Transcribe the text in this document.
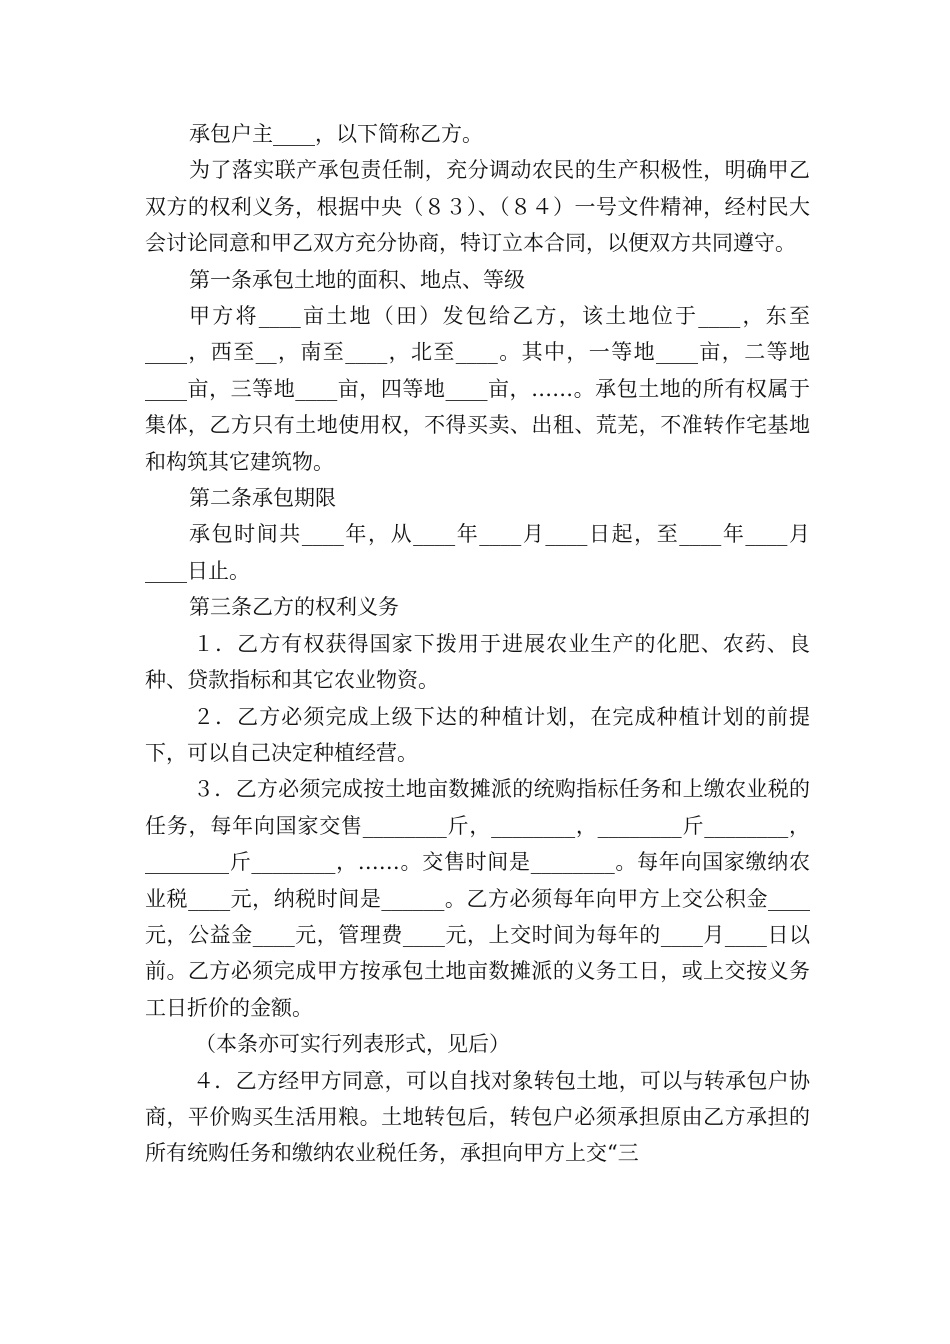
承包户主____，以下简称乙方。

为了落实联产承包责任制，充分调动农民的生产积极性，明确甲乙双方的权利义务，根据中央（８３）、（８４）一号文件精神，经村民大会讨论同意和甲乙双方充分协商，特订立本合同，以便双方共同遵守。

第一条承包土地的面积、地点、等级

甲方将____亩土地（田）发包给乙方，该土地位于____，东至____，西至__，南至____，北至____。其中，一等地____亩，二等地____亩，三等地____亩，四等地____亩，……。承包土地的所有权属于集体，乙方只有土地使用权，不得买卖、出租、荒芜，不准转作宅基地和构筑其它建筑物。

第二条承包期限

承包时间共____年，从____年____月____日起，至____年____月____日止。

第三条乙方的权利义务

１．乙方有权获得国家下拨用于进展农业生产的化肥、农药、良种、贷款指标和其它农业物资。

２．乙方必须完成上级下达的种植计划，在完成种植计划的前提下，可以自己决定种植经营。

３．乙方必须完成按土地亩数摊派的统购指标任务和上缴农业税的任务，每年向国家交售________斤，________，________斤________，________斤________，……。交售时间是________。每年向国家缴纳农业税____元，纳税时间是______。乙方必须每年向甲方上交公积金____元，公益金____元，管理费____元，上交时间为每年的____月____日以前。乙方必须完成甲方按承包土地亩数摊派的义务工日，或上交按义务工日折价的金额。

（本条亦可实行列表形式，见后）

４．乙方经甲方同意，可以自找对象转包土地，可以与转承包户协商，平价购买生活用粮。土地转包后，转包户必须承担原由乙方承担的所有统购任务和缴纳农业税任务，承担向甲方上交“三
